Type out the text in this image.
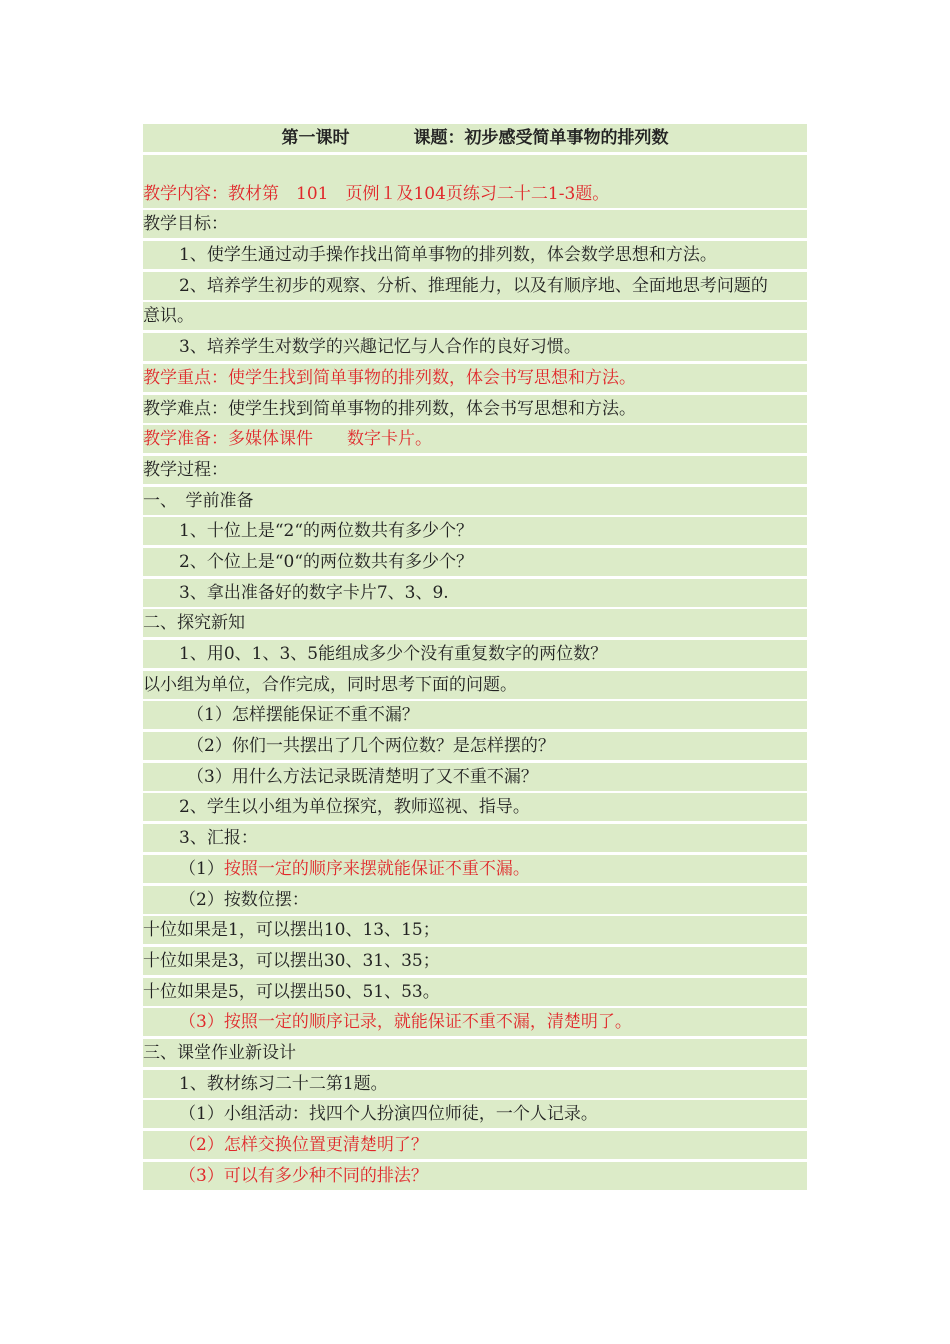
第一课时	课题：初步感受简单事物的排列数
教学内容：教材第　101　页例１及104页练习二十二1-3题。
教学目标：
1、使学生通过动手操作找出简单事物的排列数，体会数学思想和方法。
2、培养学生初步的观察、分析、推理能力，以及有顺序地、全面地思考问题的
意识。
3、培养学生对数学的兴趣记忆与人合作的良好习惯。
教学重点：使学生找到简单事物的排列数，体会书写思想和方法。
教学难点：使学生找到简单事物的排列数，体会书写思想和方法。
教学准备：多媒体课件　　数字卡片。
教学过程：
一、　学前准备
1、十位上是“2“的两位数共有多少个？
2、个位上是“0“的两位数共有多少个？
3、拿出准备好的数字卡片7、3、9.
二、探究新知
1、用0、1、3、5能组成多少个没有重复数字的两位数？
以小组为单位，合作完成，同时思考下面的问题。
（1）怎样摆能保证不重不漏？
（2）你们一共摆出了几个两位数？是怎样摆的？
（3）用什么方法记录既清楚明了又不重不漏？
2、学生以小组为单位探究，教师巡视、指导。
3、汇报：
（1）按照一定的顺序来摆就能保证不重不漏。
（2）按数位摆：
十位如果是1，可以摆出10、13、15；
十位如果是3，可以摆出30、31、35；
十位如果是5，可以摆出50、51、53。
（3）按照一定的顺序记录，就能保证不重不漏，清楚明了。
三、课堂作业新设计
1、教材练习二十二第1题。
（1）小组活动：找四个人扮演四位师徒，一个人记录。
（2）怎样交换位置更清楚明了？
（3）可以有多少种不同的排法？
